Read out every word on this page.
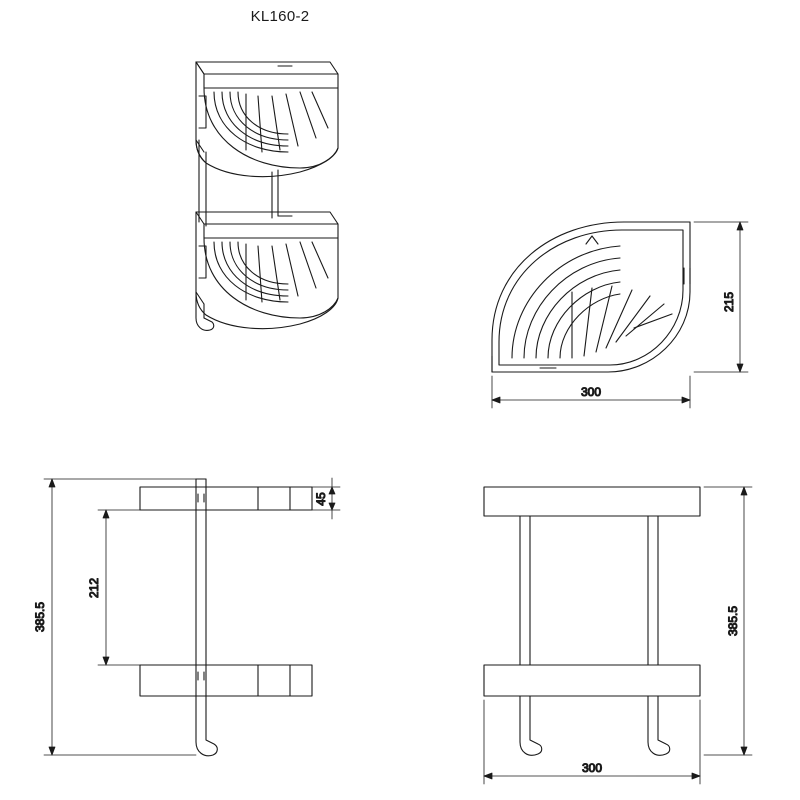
KL160-2
300
215
385.5
212
45
385.5
300
